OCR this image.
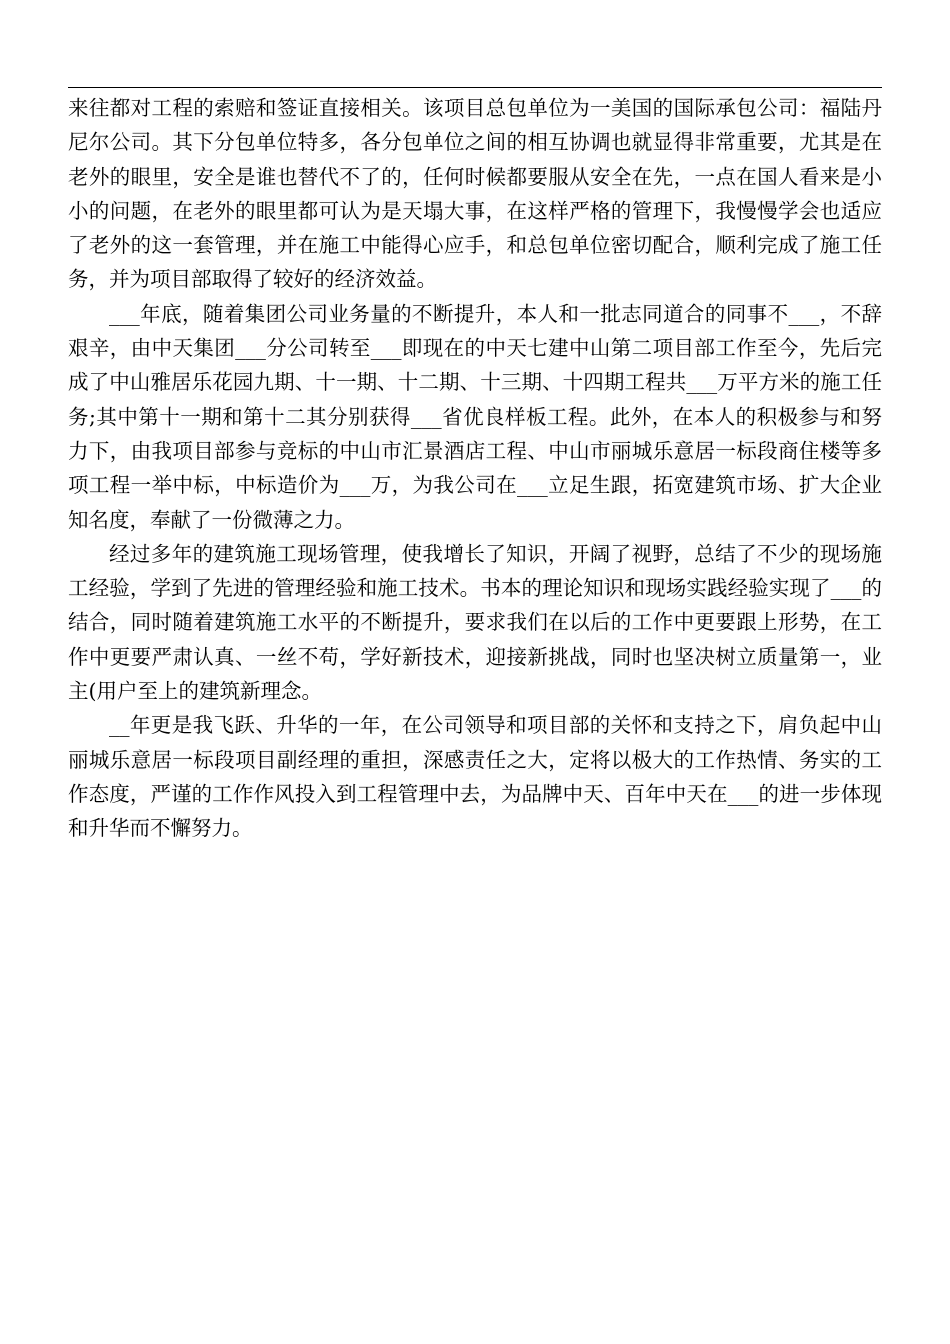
来往都对工程的索赔和签证直接相关。该项目总包单位为一美国的国际承包公司：福陆丹尼尔公司。其下分包单位特多，各分包单位之间的相互协调也就显得非常重要，尤其是在老外的眼里，安全是谁也替代不了的，任何时候都要服从安全在先，一点在国人看来是小小的问题，在老外的眼里都可认为是天塌大事，在这样严格的管理下，我慢慢学会也适应了老外的这一套管理，并在施工中能得心应手，和总包单位密切配合，顺利完成了施工任务，并为项目部取得了较好的经济效益。

___年底，随着集团公司业务量的不断提升，本人和一批志同道合的同事不___，不辞艰辛，由中天集团___分公司转至___即现在的中天七建中山第二项目部工作至今，先后完成了中山雅居乐花园九期、十一期、十二期、十三期、十四期工程共___万平方米的施工任务;其中第十一期和第十二其分别获得___省优良样板工程。此外，在本人的积极参与和努力下，由我项目部参与竞标的中山市汇景酒店工程、中山市丽城乐意居一标段商住楼等多项工程一举中标，中标造价为___万，为我公司在___立足生跟，拓宽建筑市场、扩大企业知名度，奉献了一份微薄之力。

经过多年的建筑施工现场管理，使我增长了知识，开阔了视野，总结了不少的现场施工经验，学到了先进的管理经验和施工技术。书本的理论知识和现场实践经验实现了___的结合，同时随着建筑施工水平的不断提升，要求我们在以后的工作中更要跟上形势，在工作中更要严肃认真、一丝不苟，学好新技术，迎接新挑战，同时也坚决树立质量第一，业主(用户至上的建筑新理念。

__年更是我飞跃、升华的一年，在公司领导和项目部的关怀和支持之下，肩负起中山丽城乐意居一标段项目副经理的重担，深感责任之大，定将以极大的工作热情、务实的工作态度，严谨的工作作风投入到工程管理中去，为品牌中天、百年中天在___的进一步体现和升华而不懈努力。
